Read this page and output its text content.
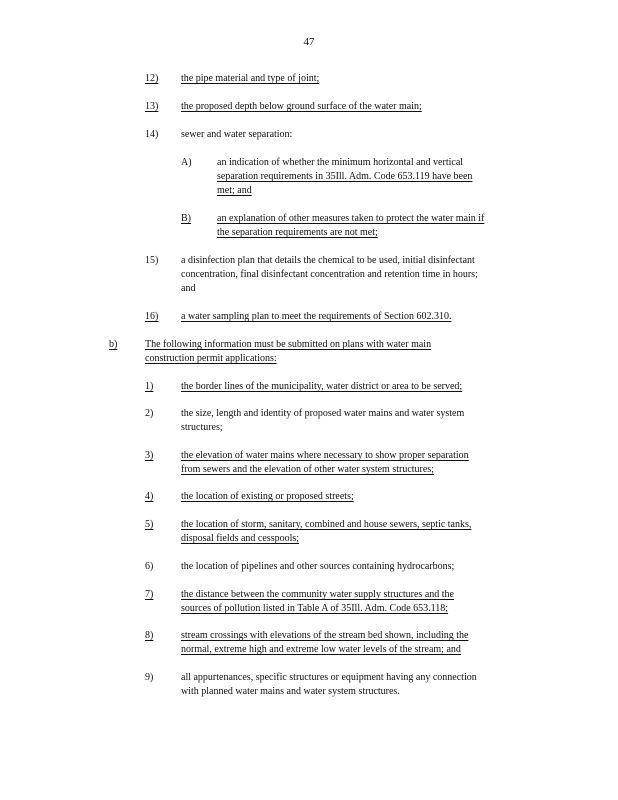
47
12) the pipe material and type of joint;
13) the proposed depth below ground surface of the water main;
14) sewer and water separation:
A)	an indication of whether the minimum horizontal and vertical
separation requirements in 35Ill. Adm. Code 653.119 have been
met; and
B)	an explanation of other measures taken to protect the water main if
the separation requirements are not met;
15) a disinfection plan that details the chemical to be used, initial disinfectant
concentration, final disinfectant concentration and retention time in hours;
and
16) a water sampling plan to meet the requirements of Section 602.310.
b)	The following information must be submitted on plans with water main
construction permit applications:
1)	the border lines of the municipality, water district or area to be served;
2)	the size, length and identity of proposed water mains and water system
structures;
3)	the elevation of water mains where necessary to show proper separation
from sewers and the elevation of other water system structures;
4)	the location of existing or proposed streets;
5)	the location of storm, sanitary, combined and house sewers, septic tanks,
disposal fields and cesspools;
6)	the location of pipelines and other sources containing hydrocarbons;
7)	the distance between the community water supply structures and the
sources of pollution listed in Table A of 35Ill. Adm. Code 653.118;
8)	stream crossings with elevations of the stream bed shown, including the
normal, extreme high and extreme low water levels of the stream; and
9)	all appurtenances, specific structures or equipment having any connection
with planned water mains and water system structures.
